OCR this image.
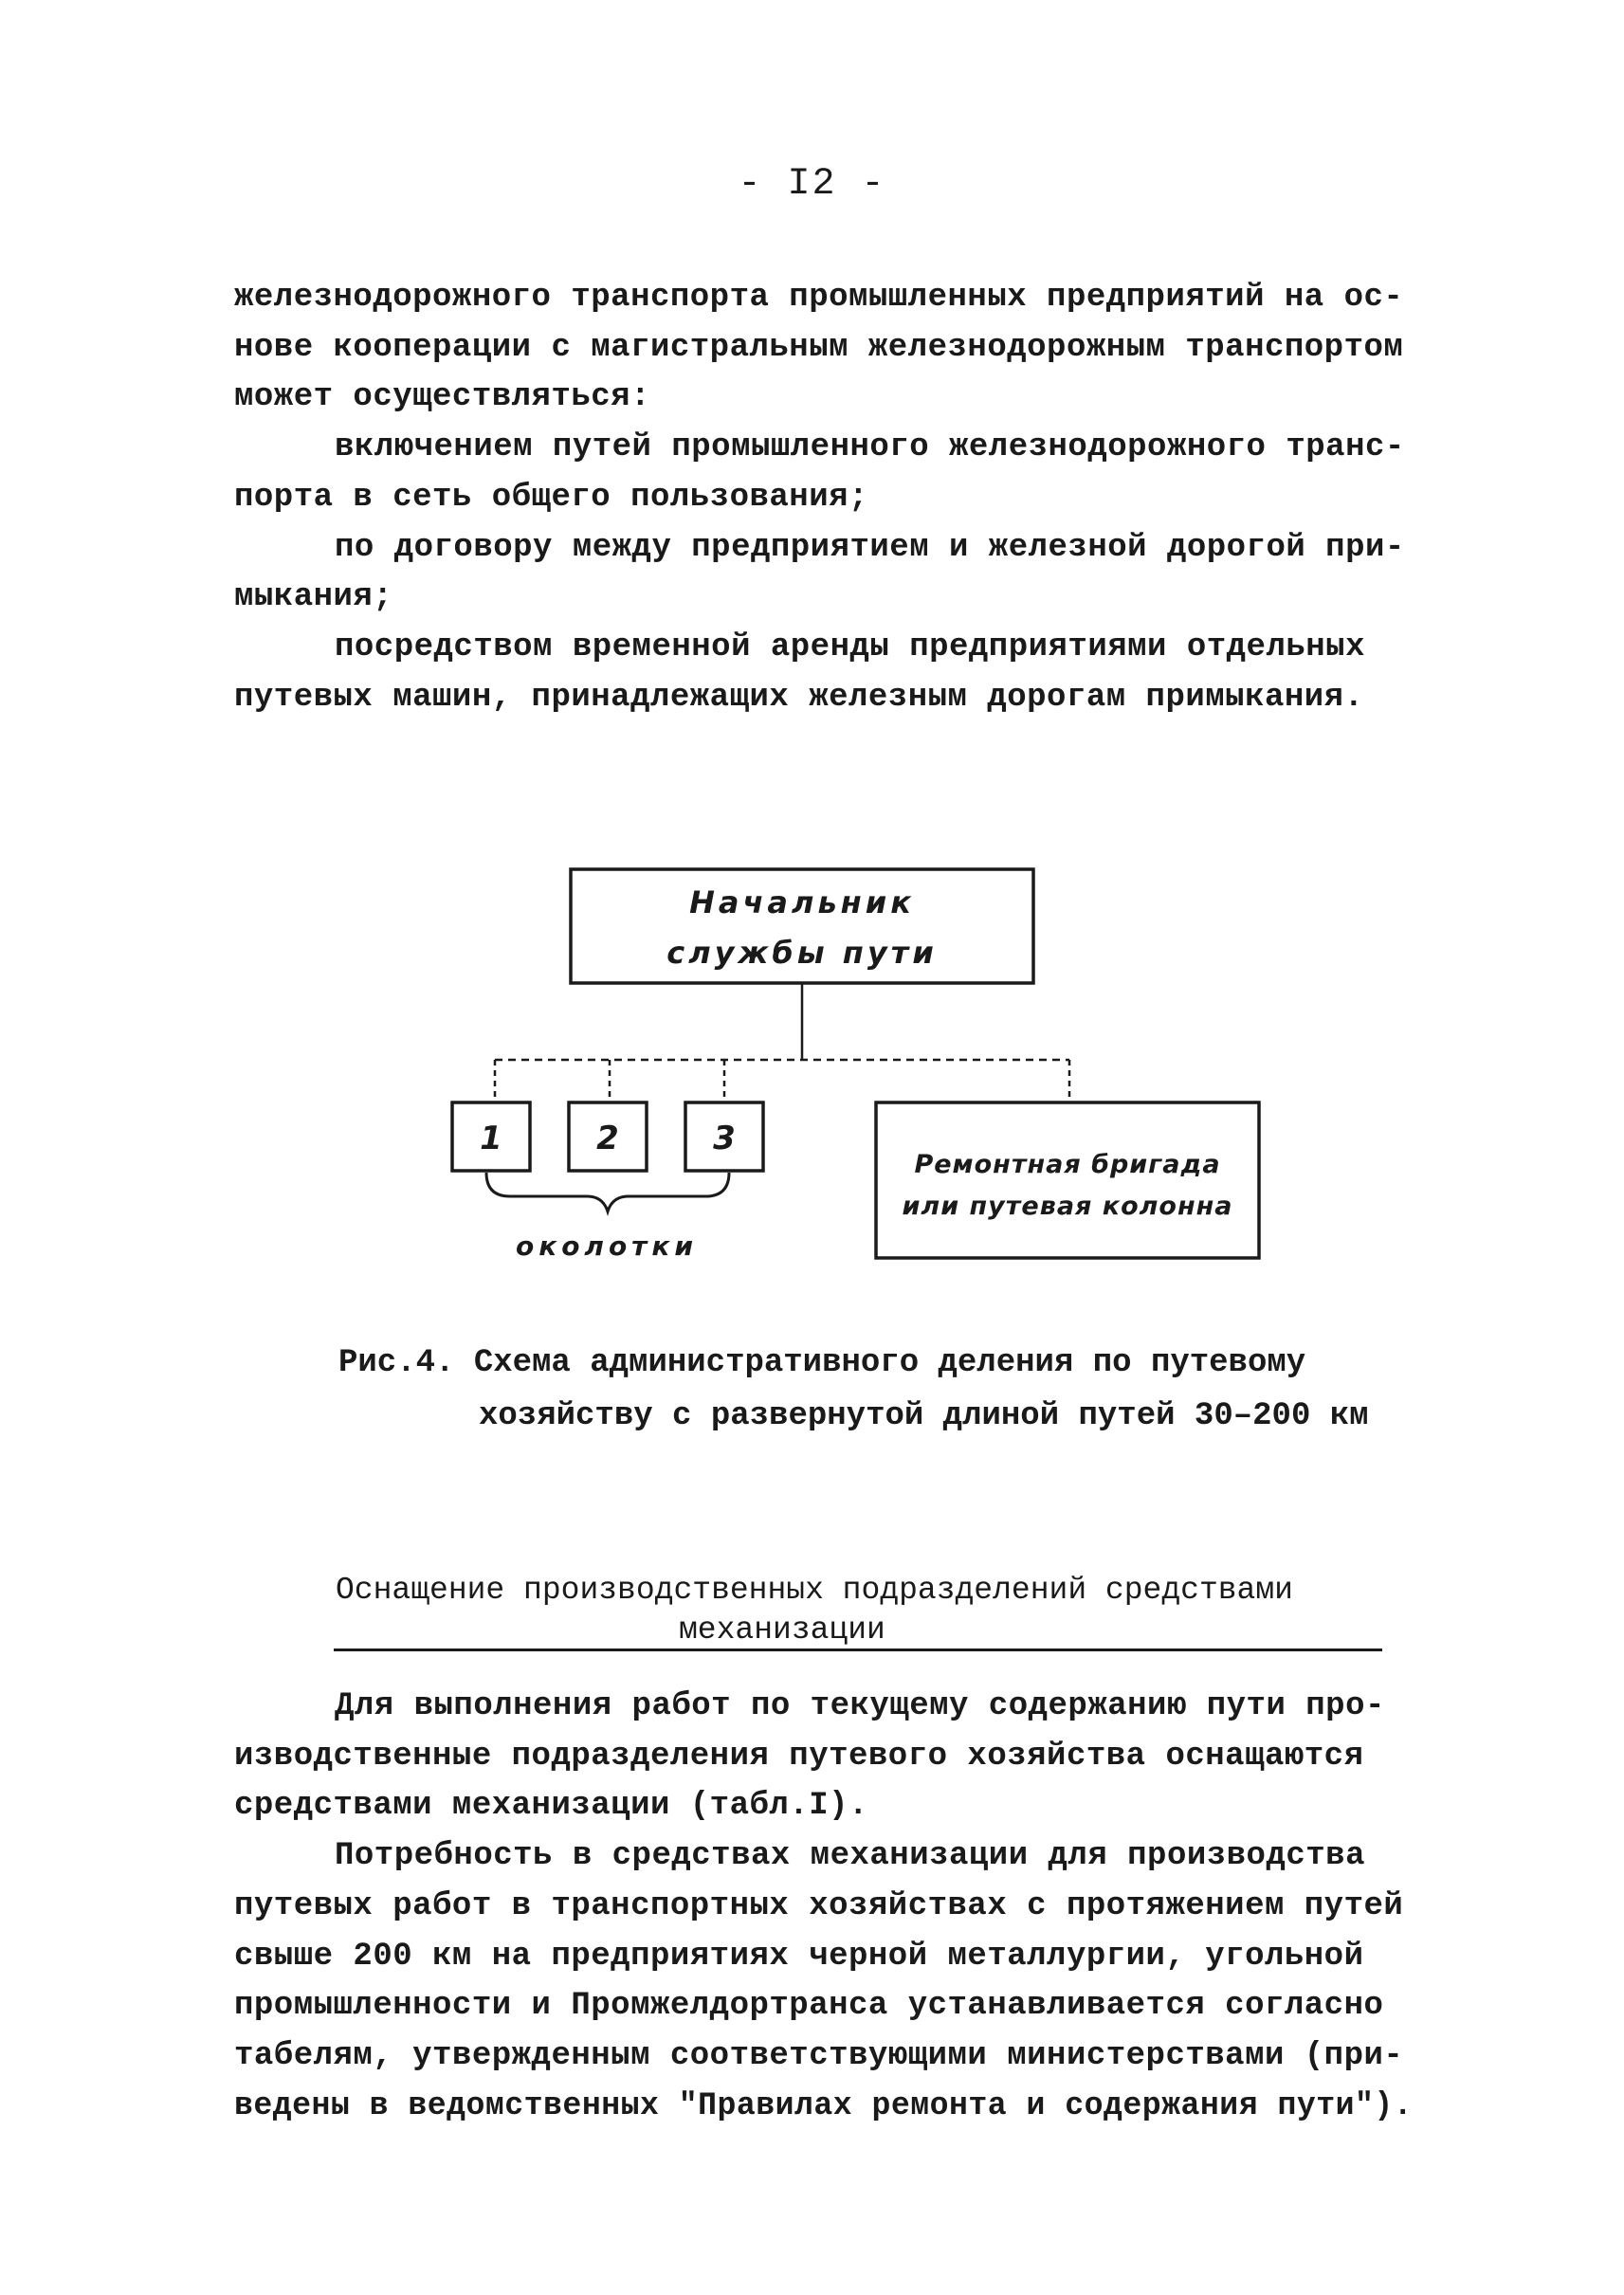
- I2 -
железнодорожного транспорта промышленных предприятий на ос-
нове кооперации с магистральным железнодорожным транспортом
может осуществляться:
включением путей промышленного железнодорожного транс-
порта в сеть общего пользования;
по договору между предприятием и железной дорогой при-
мыкания;
посредством временной аренды предприятиями отдельных
путевых машин, принадлежащих железным дорогам примыкания.
Начальник
службы пути
1	2	3
Ремонтная бригада
или путевая колонна
околотки
Рис.4. Схема административного деления по путевому
хозяйству с развернутой длиной путей 30–200 км
Оснащение производственных подразделений средствами
механизации
Для выполнения работ по текущему содержанию пути про-
изводственные подразделения путевого хозяйства оснащаются
средствами механизации (табл.I).
Потребность в средствах механизации для производства
путевых работ в транспортных хозяйствах с протяжением путей
свыше 200 км на предприятиях черной металлургии, угольной
промышленности и Промжелдортранса устанавливается согласно
табелям, утвержденным соответствующими министерствами (при-
ведены в ведомственных "Правилах ремонта и содержания пути").
